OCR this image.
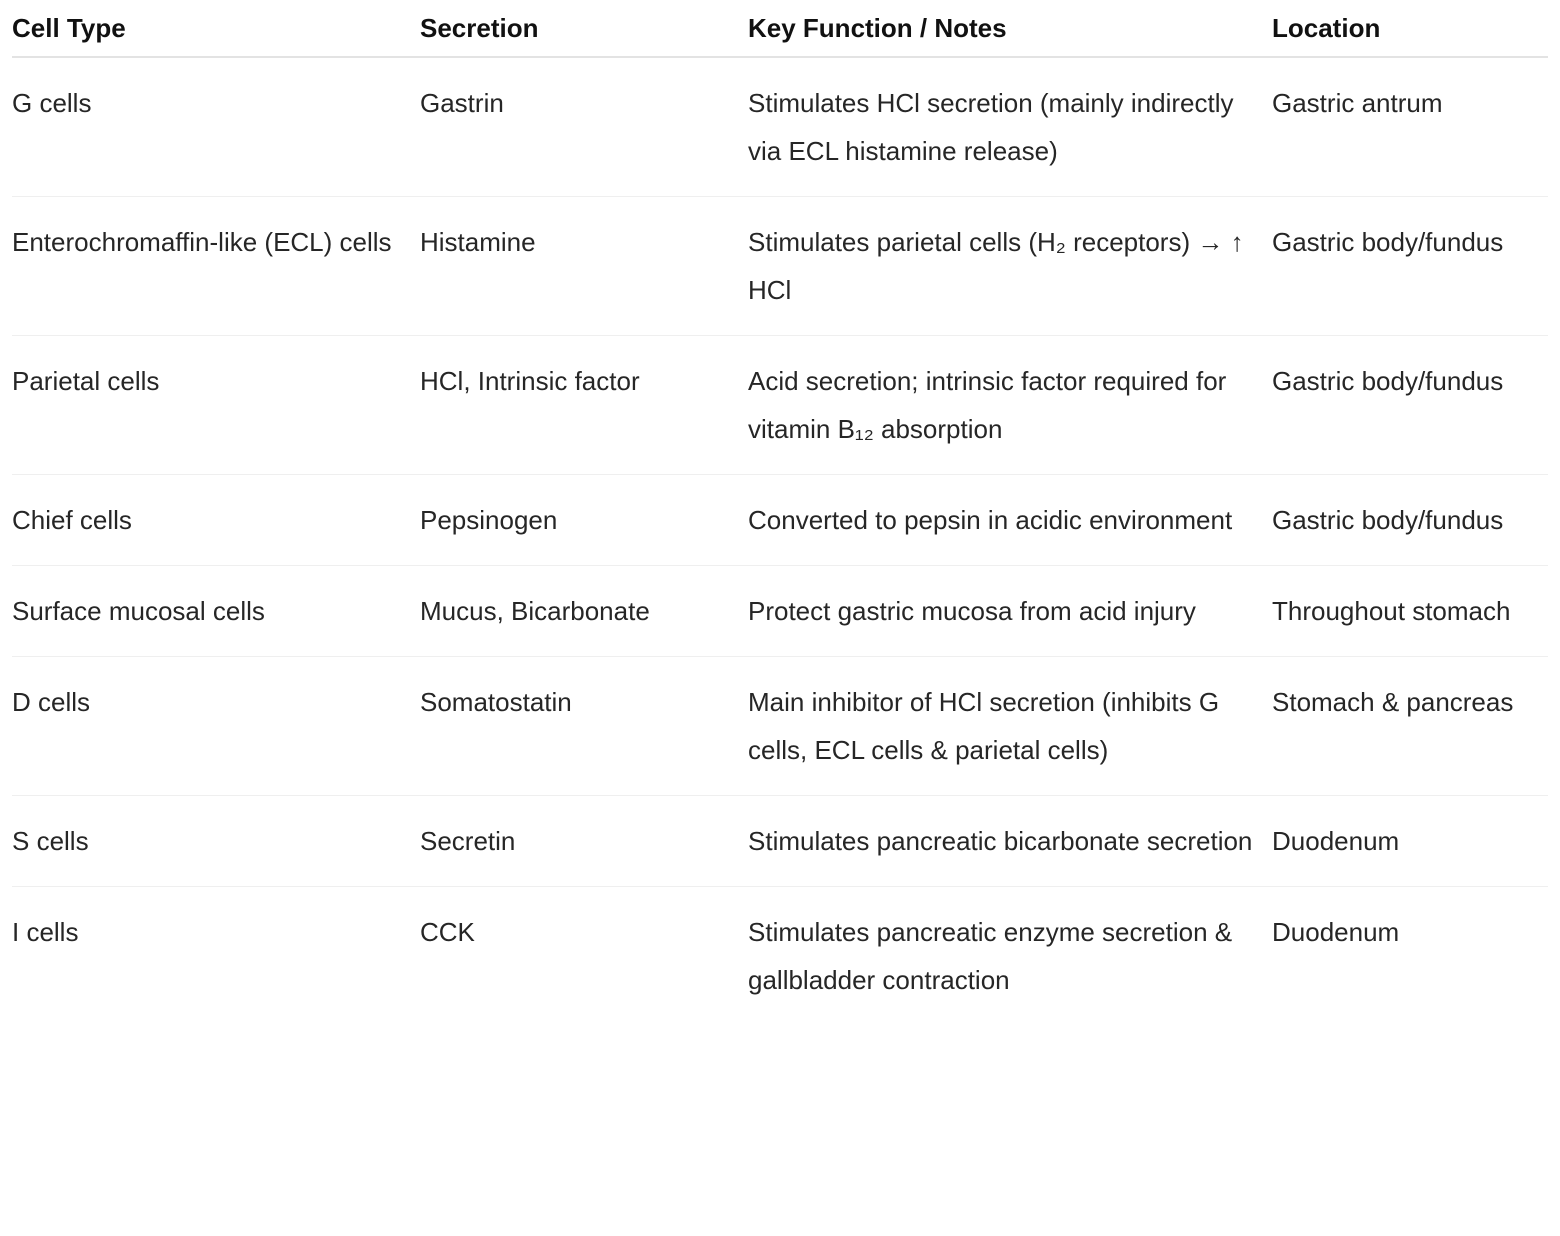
Cell Type	Secretion	Key Function / Notes	Location
G cells	Gastrin	Stimulates HCl secretion (mainly indirectly via ECL histamine release)	Gastric antrum
Enterochromaffin-like (ECL) cells	Histamine	Stimulates parietal cells (H₂ receptors) → ↑ HCl	Gastric body/fundus
Parietal cells	HCl, Intrinsic factor	Acid secretion; intrinsic factor required for vitamin B₁₂ absorption	Gastric body/fundus
Chief cells	Pepsinogen	Converted to pepsin in acidic environment	Gastric body/fundus
Surface mucosal cells	Mucus, Bicarbonate	Protect gastric mucosa from acid injury	Throughout stomach
D cells	Somatostatin	Main inhibitor of HCl secretion (inhibits G cells, ECL cells & parietal cells)	Stomach & pancreas
S cells	Secretin	Stimulates pancreatic bicarbonate secretion	Duodenum
I cells	CCK	Stimulates pancreatic enzyme secretion & gallbladder contraction	Duodenum
